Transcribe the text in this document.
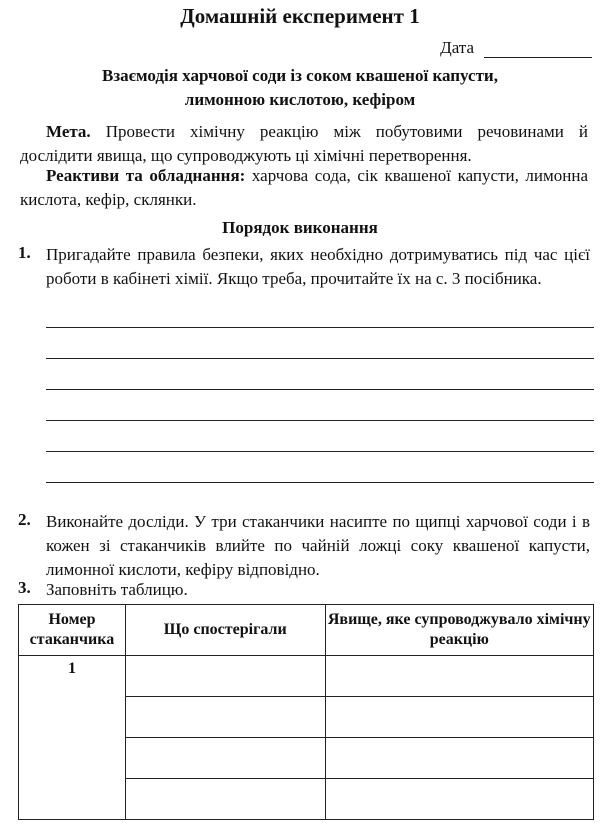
Домашній експеримент 1
Дата
Взаємодія харчової соди із соком квашеної капусти,
лимонною кислотою, кефіром
Мета. Провести хімічну реакцію між побутовими речовинами й дослідити явища, що супроводжують ці хімічні перетворення.
Реактиви та обладнання: харчова сода, сік квашеної капусти, лимонна кислота, кефір, склянки.
Порядок виконання
1. Пригадайте правила безпеки, яких необхідно дотримуватись під час цієї роботи в кабінеті хімії. Якщо треба, прочитайте їх на с. 3 посібника.
2. Виконайте досліди. У три стаканчики насипте по щипці харчової соди і в кожен зі стаканчиків влийте по чайній ложці соку квашеної капусти, лимонної кислоти, кефіру відповідно.
3. Заповніть таблицю.
Номер стаканчика	Що спостерігали	Явище, яке супроводжувало хімічну реакцію
1		
